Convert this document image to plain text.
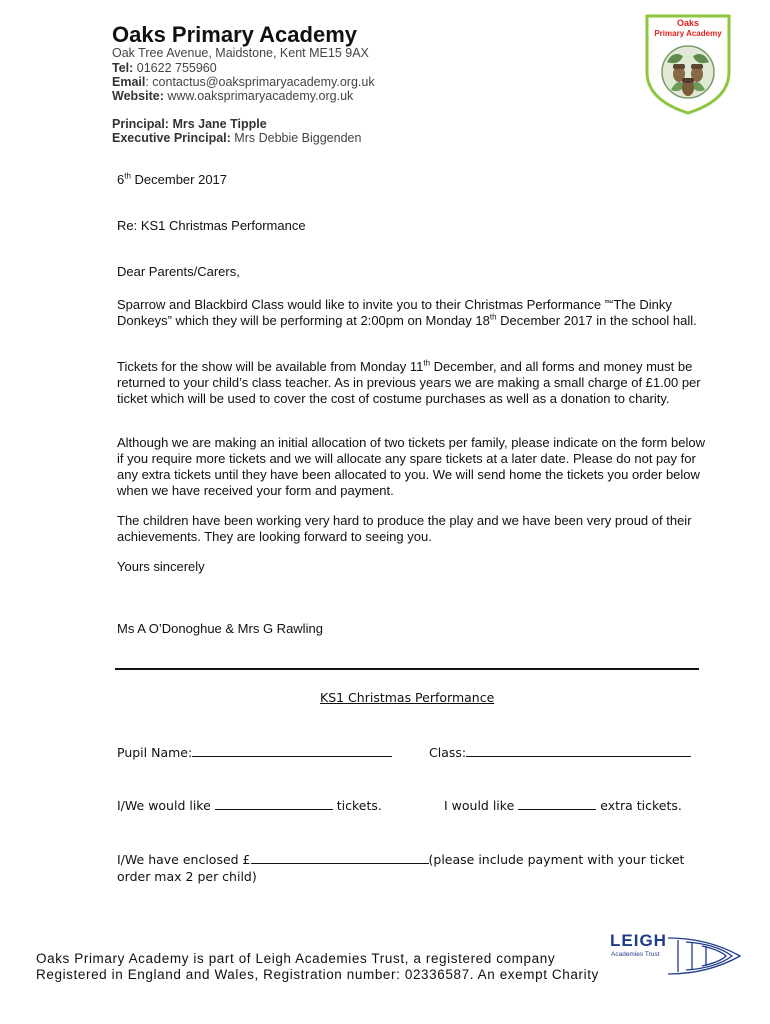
Oaks Primary Academy
Oak Tree Avenue, Maidstone, Kent ME15 9AX
Tel: 01622 755960
Email: contactus@oaksprimaryacademy.org.uk
Website: www.oaksprimaryacademy.org.uk
Principal: Mrs Jane Tipple
Executive Principal: Mrs Debbie Biggenden
Oaks
Primary Academy
6th December 2017
Re: KS1 Christmas Performance
Dear Parents/Carers,
Sparrow and Blackbird Class would like to invite you to their Christmas Performance ”“The Dinky Donkeys” which they will be performing at 2:00pm on Monday 18th December 2017 in the school hall.
Tickets for the show will be available from Monday 11th December, and all forms and money must be returned to your child’s class teacher. As in previous years we are making a small charge of £1.00 per ticket which will be used to cover the cost of costume purchases as well as a donation to charity.
Although we are making an initial allocation of two tickets per family, please indicate on the form below if you require more tickets and we will allocate any spare tickets at a later date. Please do not pay for any extra tickets until they have been allocated to you. We will send home the tickets you order below when we have received your form and payment.
The children have been working very hard to produce the play and we have been very proud of their achievements. They are looking forward to seeing you.
Yours sincerely
Ms A O’Donoghue & Mrs G Rawling
KS1 Christmas Performance
Pupil Name:	Class:
I/We would like	tickets.	I would like	extra tickets.
I/We have enclosed £	(please include payment with your ticket
order max 2 per child)
Oaks Primary Academy is part of Leigh Academies Trust, a registered company
Registered in England and Wales, Registration number: 02336587. An exempt Charity
LEIGH
Academies Trust
